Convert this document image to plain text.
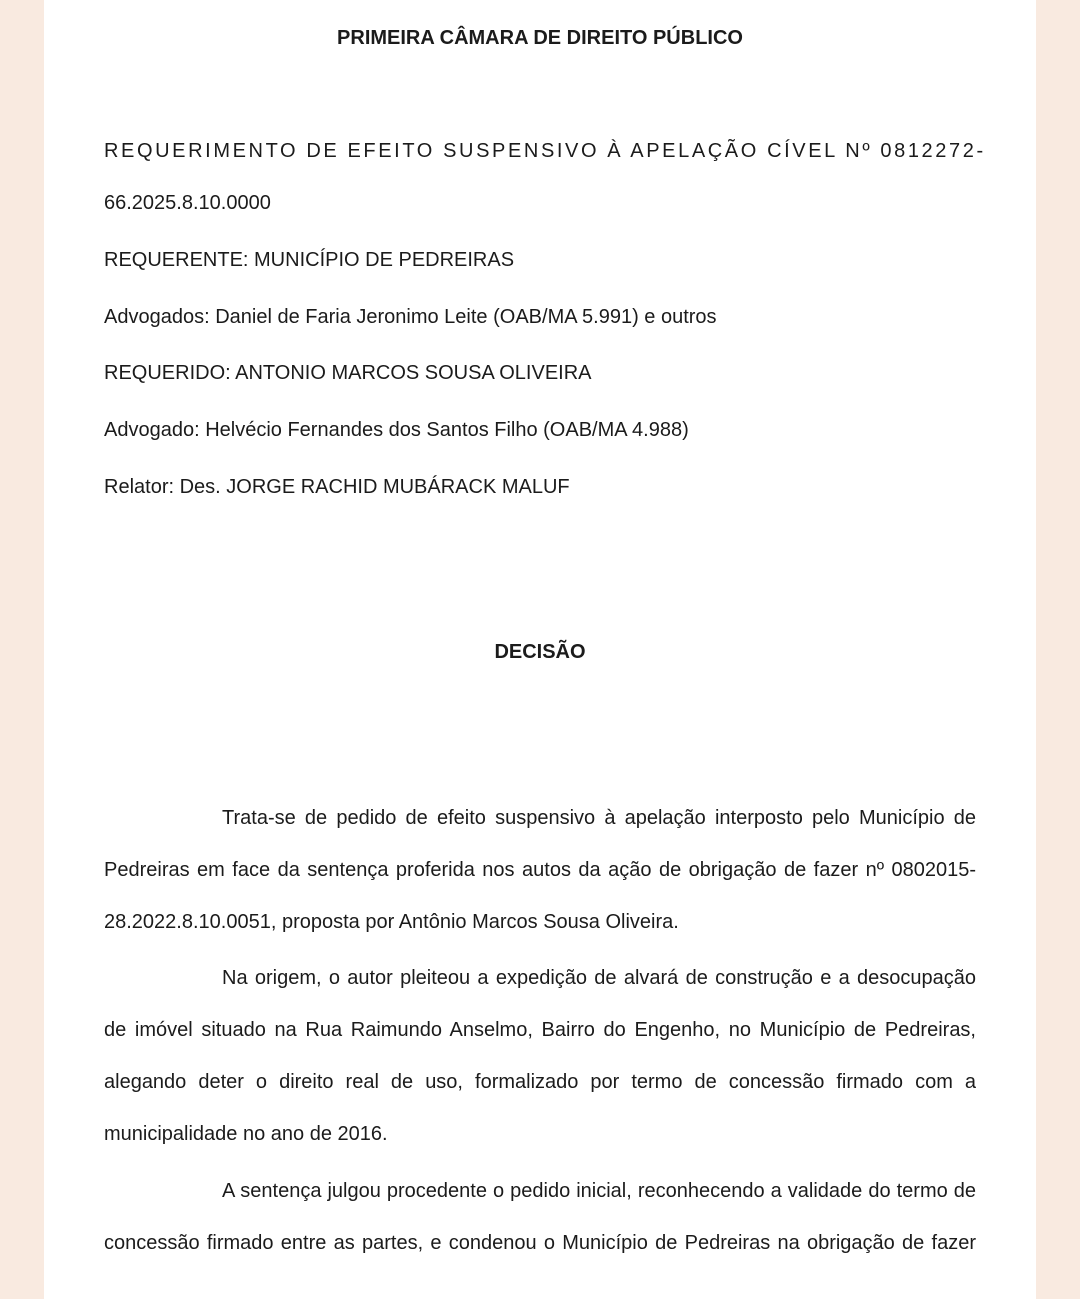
PRIMEIRA CÂMARA DE DIREITO PÚBLICO
REQUERIMENTO DE EFEITO SUSPENSIVO À APELAÇÃO CÍVEL Nº 0812272-
66.2025.8.10.0000
REQUERENTE: MUNICÍPIO DE PEDREIRAS
Advogados: Daniel de Faria Jeronimo Leite (OAB/MA 5.991) e outros
REQUERIDO: ANTONIO MARCOS SOUSA OLIVEIRA
Advogado: Helvécio Fernandes dos Santos Filho (OAB/MA 4.988)
Relator: Des. JORGE RACHID MUBÁRACK MALUF
DECISÃO
Trata-se de pedido de efeito suspensivo à apelação interposto pelo Município de
Pedreiras em face da sentença proferida nos autos da ação de obrigação de fazer nº 0802015-
28.2022.8.10.0051, proposta por Antônio Marcos Sousa Oliveira.
Na origem, o autor pleiteou a expedição de alvará de construção e a desocupação
de imóvel situado na Rua Raimundo Anselmo, Bairro do Engenho, no Município de Pedreiras,
alegando deter o direito real de uso, formalizado por termo de concessão firmado com a
municipalidade no ano de 2016.
A sentença julgou procedente o pedido inicial, reconhecendo a validade do termo de
concessão firmado entre as partes, e condenou o Município de Pedreiras na obrigação de fazer
